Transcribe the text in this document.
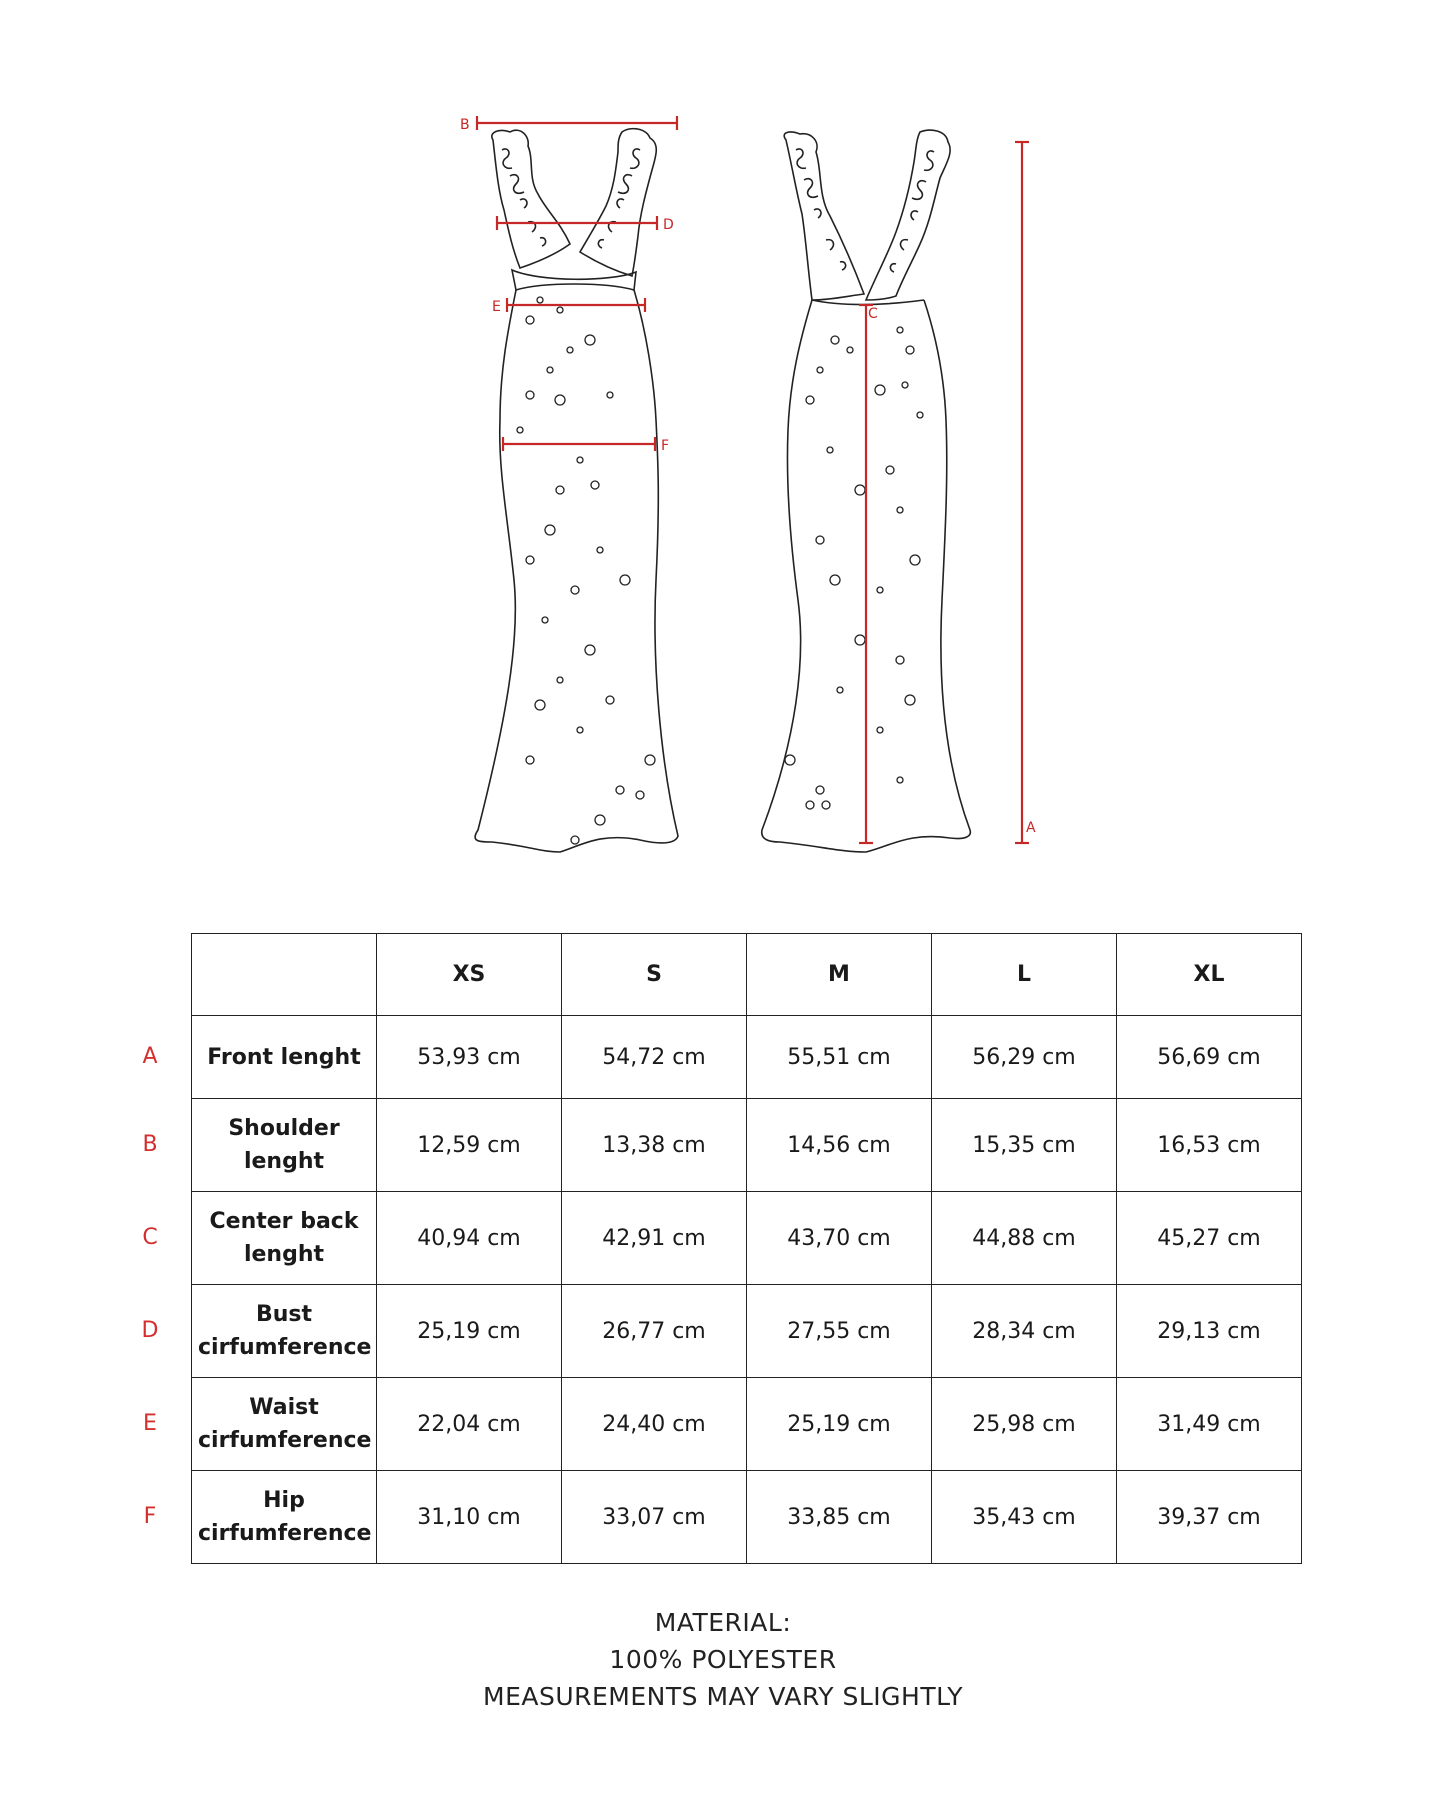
B
D
E
F
C
A
A
B
C
D
E
F
	XS	S	M	L	XL
Front lenght	53,93 cm	54,72 cm	55,51 cm	56,29 cm	56,69 cm
Shoulder lenght	12,59 cm	13,38 cm	14,56 cm	15,35 cm	16,53 cm
Center back lenght	40,94 cm	42,91 cm	43,70 cm	44,88 cm	45,27 cm
Bust cirfumference	25,19 cm	26,77 cm	27,55 cm	28,34 cm	29,13 cm
Waist cirfumference	22,04 cm	24,40 cm	25,19 cm	25,98 cm	31,49 cm
Hip cirfumference	31,10 cm	33,07 cm	33,85 cm	35,43 cm	39,37 cm
MATERIAL:
100% POLYESTER
MEASUREMENTS MAY VARY SLIGHTLY
